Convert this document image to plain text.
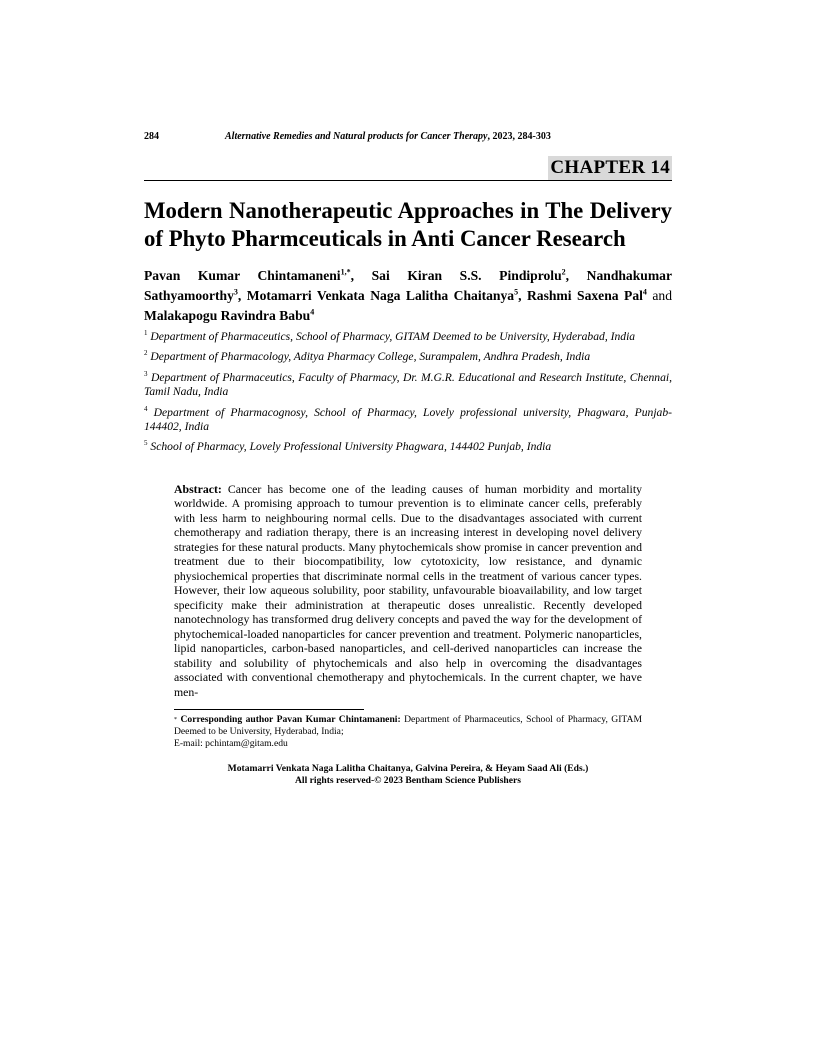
284	Alternative Remedies and Natural products for Cancer Therapy, 2023, 284-303
CHAPTER 14
Modern Nanotherapeutic Approaches in The Delivery of Phyto Pharmceuticals in Anti Cancer Research
Pavan Kumar Chintamaneni$^{1,*}$, Sai Kiran S.S. Pindiprolu$^2$, Nandhakumar Sathyamoorthy$^3$, Motamarri Venkata Naga Lalitha Chaitanya$^5$, Rashmi Saxena Pal$^4$ and Malakapogu Ravindra Babu$^4$
$^1$ Department of Pharmaceutics, School of Pharmacy, GITAM Deemed to be University, Hyderabad, India
$^2$ Department of Pharmacology, Aditya Pharmacy College, Surampalem, Andhra Pradesh, India
$^3$ Department of Pharmaceutics, Faculty of Pharmacy, Dr. M.G.R. Educational and Research Institute, Chennai, Tamil Nadu, India
$^4$ Department of Pharmacognosy, School of Pharmacy, Lovely professional university, Phagwara, Punjab-144402, India
$^5$ School of Pharmacy, Lovely Professional University Phagwara, 144402 Punjab, India
Abstract: Cancer has become one of the leading causes of human morbidity and mortality worldwide. A promising approach to tumour prevention is to eliminate cancer cells, preferably with less harm to neighbouring normal cells. Due to the disadvantages associated with current chemotherapy and radiation therapy, there is an increasing interest in developing novel delivery strategies for these natural products. Many phytochemicals show promise in cancer prevention and treatment due to their biocompatibility, low cytotoxicity, low resistance, and dynamic physiochemical properties that discriminate normal cells in the treatment of various cancer types. However, their low aqueous solubility, poor stability, unfavourable bioavailability, and low target specificity make their administration at therapeutic doses unrealistic. Recently developed nanotechnology has transformed drug delivery concepts and paved the way for the development of phytochemical-loaded nanoparticles for cancer prevention and treatment. Polymeric nanoparticles, lipid nanoparticles, carbon-based nanoparticles, and cell-derived nanoparticles can increase the stability and solubility of phytochemicals and also help in overcoming the disadvantages associated with conventional chemotherapy and phytochemicals. In the current chapter, we have men-
* Corresponding author Pavan Kumar Chintamaneni: Department of Pharmaceutics, School of Pharmacy, GITAM Deemed to be University, Hyderabad, India;
E-mail: pchintam@gitam.edu
Motamarri Venkata Naga Lalitha Chaitanya, Galvina Pereira, & Heyam Saad Ali (Eds.)
All rights reserved-© 2023 Bentham Science Publishers
